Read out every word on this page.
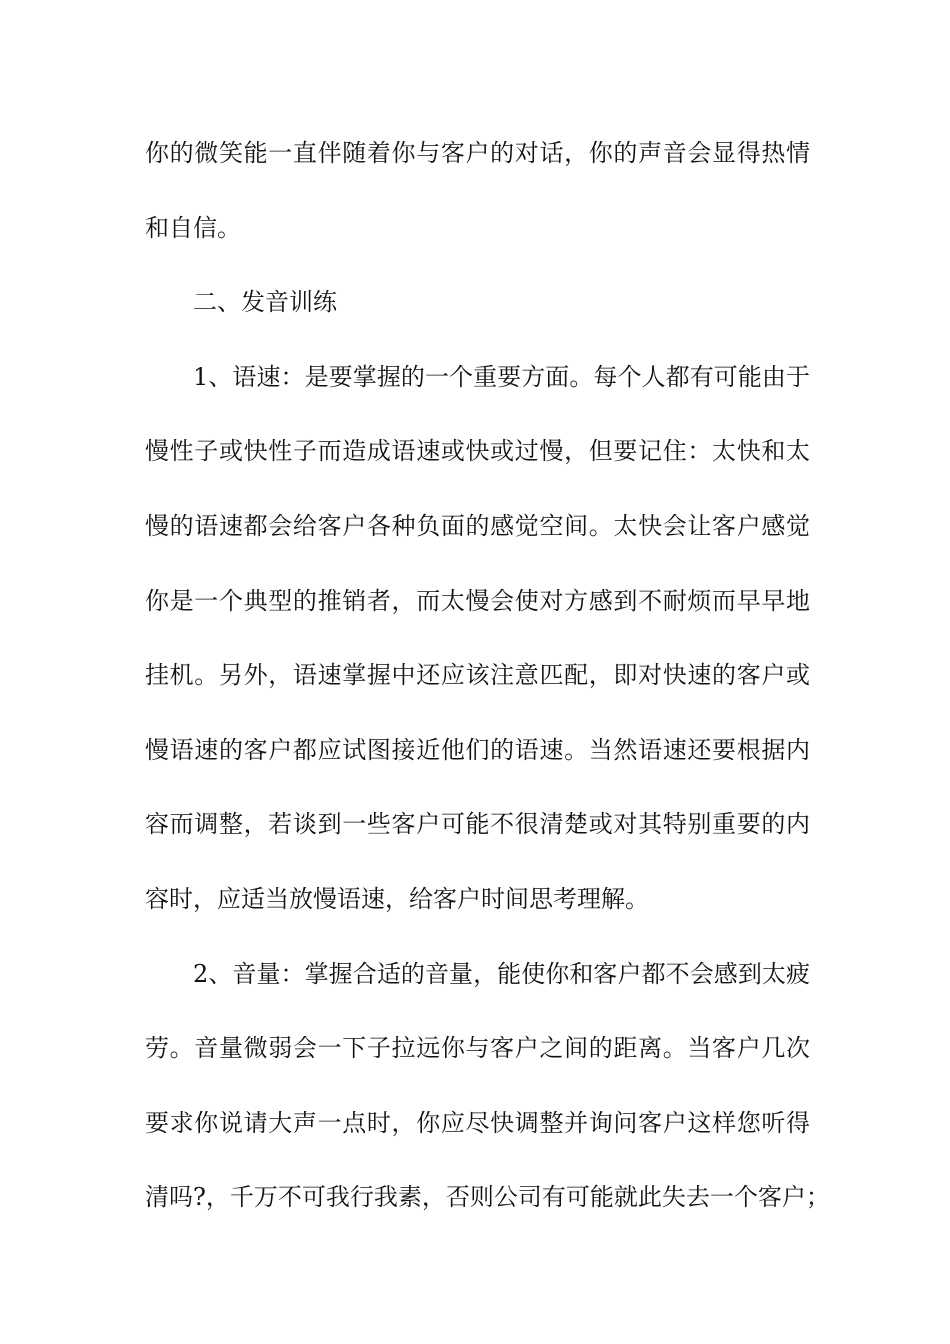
你的微笑能一直伴随着你与客户的对话，你的声音会显得热情
和自信。
二、发音训练
1、语速：是要掌握的一个重要方面。每个人都有可能由于
慢性子或快性子而造成语速或快或过慢，但要记住：太快和太
慢的语速都会给客户各种负面的感觉空间。太快会让客户感觉
你是一个典型的推销者，而太慢会使对方感到不耐烦而早早地
挂机。另外，语速掌握中还应该注意匹配，即对快速的客户或
慢语速的客户都应试图接近他们的语速。当然语速还要根据内
容而调整，若谈到一些客户可能不很清楚或对其特别重要的内
容时，应适当放慢语速，给客户时间思考理解。
2、音量：掌握合适的音量，能使你和客户都不会感到太疲
劳。音量微弱会一下子拉远你与客户之间的距离。当客户几次
要求你说请大声一点时，你应尽快调整并询问客户这样您听得
清吗?，千万不可我行我素，否则公司有可能就此失去一个客户；
